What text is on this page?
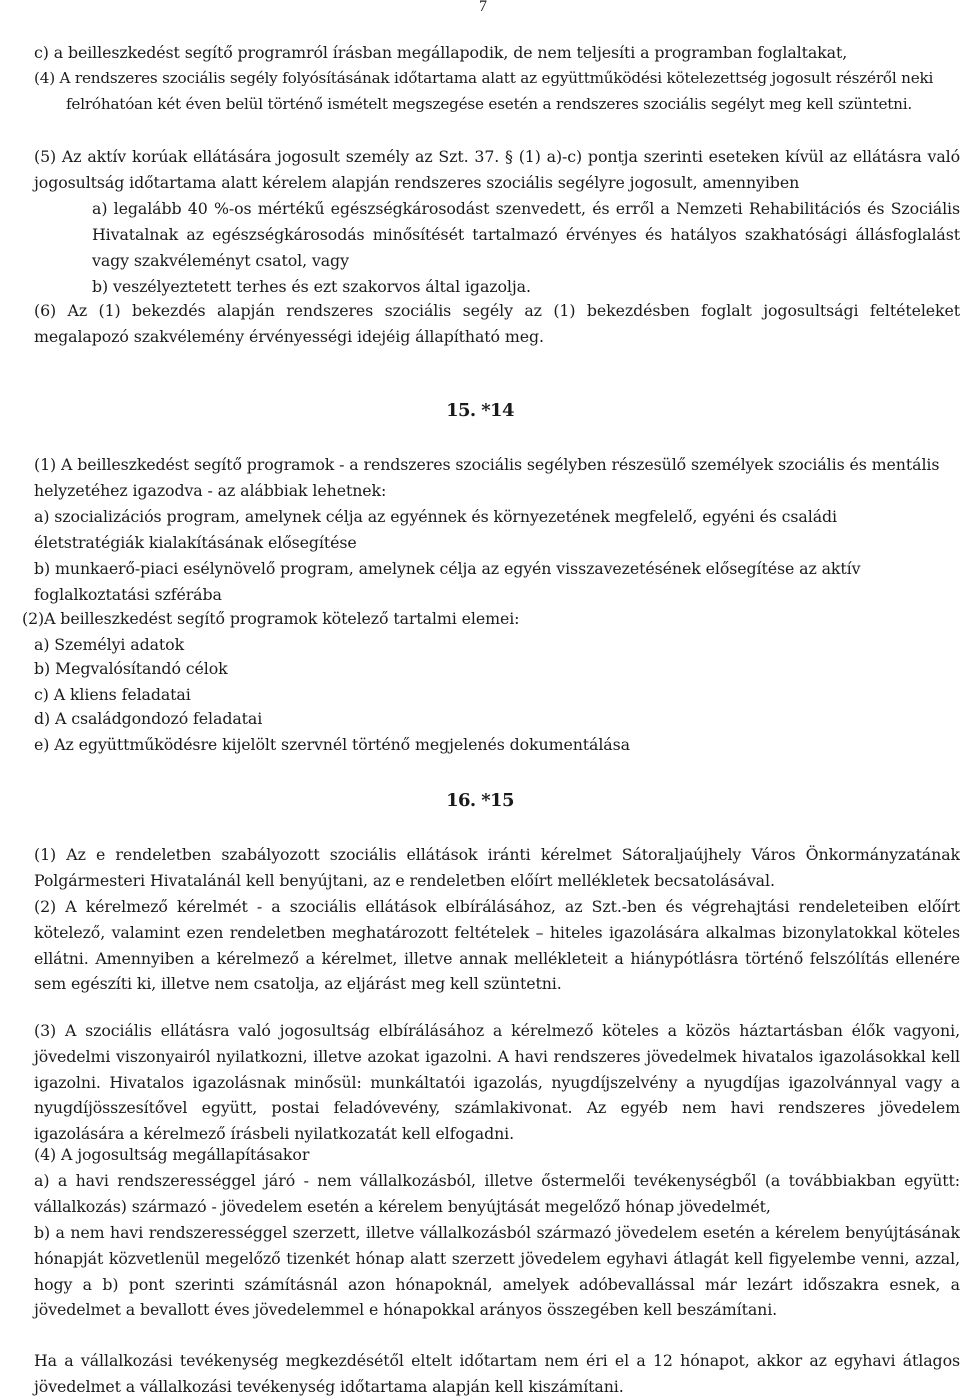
7

c) a beilleszkedést segítő programról írásban megállapodik, de nem teljesíti a programban foglaltakat,

(4) A rendszeres szociális segély folyósításának időtartama alatt az együttműködési kötelezettség jogosult részéről neki felróhatóan két éven belül történő ismételt megszegése esetén a rendszeres szociális segélyt meg kell szüntetni.

(5) Az aktív korúak ellátására jogosult személy az Szt. 37. § (1) a)-c) pontja szerinti eseteken kívül az ellátásra való jogosultság időtartama alatt kérelem alapján rendszeres szociális segélyre jogosult, amennyiben

a) legalább 40 %-os mértékű egészségkárosodást szenvedett, és erről a Nemzeti Rehabilitációs és Szociális Hivatalnak az egészségkárosodás minősítését tartalmazó érvényes és hatályos szakhatósági állásfoglalást vagy szakvéleményt csatol, vagy

b) veszélyeztetett terhes és ezt szakorvos által igazolja.

(6) Az (1) bekezdés alapján rendszeres szociális segély az (1) bekezdésben foglalt jogosultsági feltételeket megalapozó szakvélemény érvényességi idejéig állapítható meg.

15. *14

(1) A beilleszkedést segítő programok - a rendszeres szociális segélyben részesülő személyek szociális és mentális helyzetéhez igazodva - az alábbiak lehetnek:

a) szocializációs program, amelynek célja az egyénnek és környezetének megfelelő, egyéni és családi életstratégiák kialakításának elősegítése

b) munkaerő-piaci esélynövelő program, amelynek célja az egyén visszavezetésének elősegítése az aktív foglalkoztatási szférába

(2)A beilleszkedést segítő programok kötelező tartalmi elemei:

a) Személyi adatok

b) Megvalósítandó célok

c) A kliens feladatai

d) A családgondozó feladatai

e) Az együttműködésre kijelölt szervnél történő megjelenés dokumentálása

16. *15

(1) Az e rendeletben szabályozott szociális ellátások iránti kérelmet Sátoraljaújhely Város Önkormányzatának Polgármesteri Hivatalánál kell benyújtani, az e rendeletben előírt mellékletek becsatolásával.

(2) A kérelmező kérelmét - a szociális ellátások elbírálásához, az Szt.-ben és végrehajtási rendeleteiben előírt kötelező, valamint ezen rendeletben meghatározott feltételek – hiteles igazolására alkalmas bizonylatokkal köteles ellátni. Amennyiben a kérelmező a kérelmet, illetve annak mellékleteit a hiánypótlásra történő felszólítás ellenére sem egészíti ki, illetve nem csatolja, az eljárást meg kell szüntetni.

(3) A szociális ellátásra való jogosultság elbírálásához a kérelmező köteles a közös háztartásban élők vagyoni, jövedelmi viszonyairól nyilatkozni, illetve azokat igazolni. A havi rendszeres jövedelmek hivatalos igazolásokkal kell igazolni. Hivatalos igazolásnak minősül: munkáltatói igazolás, nyugdíjszelvény a nyugdíjas igazolvánnyal vagy a nyugdíjösszesítővel együtt, postai feladóvevény, számlakivonat. Az egyéb nem havi rendszeres jövedelem igazolására a kérelmező írásbeli nyilatkozatát kell elfogadni.

(4) A jogosultság megállapításakor

a) a havi rendszerességgel járó - nem vállalkozásból, illetve őstermelői tevékenységből (a továbbiakban együtt: vállalkozás) származó - jövedelem esetén a kérelem benyújtását megelőző hónap jövedelmét,

b) a nem havi rendszerességgel szerzett, illetve vállalkozásból származó jövedelem esetén a kérelem benyújtásának hónapját közvetlenül megelőző tizenkét hónap alatt szerzett jövedelem egyhavi átlagát kell figyelembe venni, azzal, hogy a b) pont szerinti számításnál azon hónapoknál, amelyek adóbevallással már lezárt időszakra esnek, a jövedelmet a bevallott éves jövedelemmel e hónapokkal arányos összegében kell beszámítani.

Ha a vállalkozási tevékenység megkezdésétől eltelt időtartam nem éri el a 12 hónapot, akkor az egyhavi átlagos jövedelmet a vállalkozási tevékenység időtartama alapján kell kiszámítani.
